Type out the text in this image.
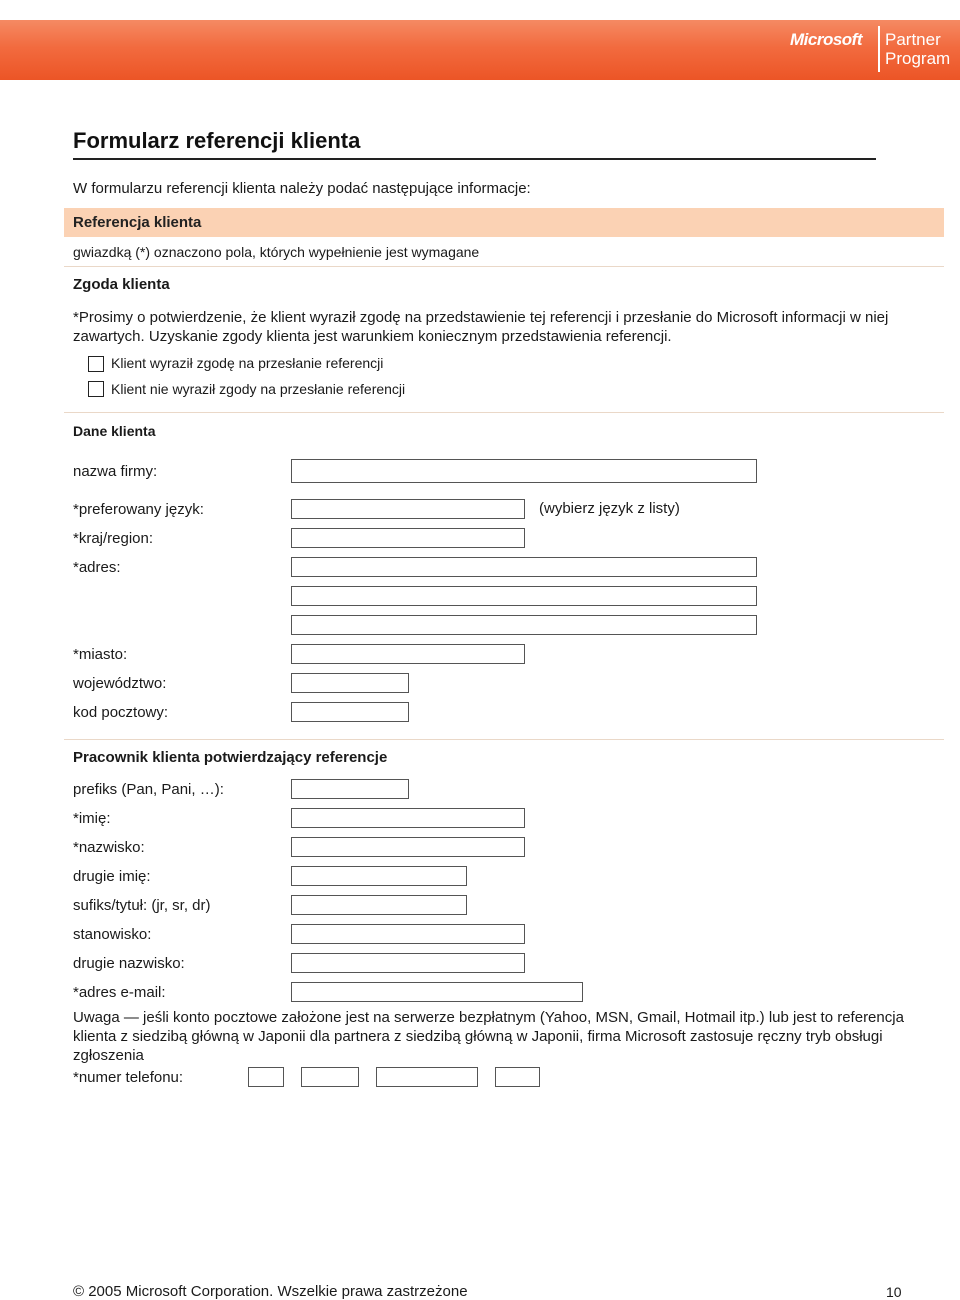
Microsoft Partner
Program
Formularz referencji klienta
W formularzu referencji klienta należy podać następujące informacje:
Referencja klienta
gwiazdką (*) oznaczono pola, których wypełnienie jest wymagane
Zgoda klienta
*Prosimy o potwierdzenie, że klient wyraził zgodę na przedstawienie tej referencji i przesłanie do Microsoft informacji w niej zawartych. Uzyskanie zgody klienta jest warunkiem koniecznym przedstawienia referencji.
Klient wyraził zgodę na przesłanie referencji
Klient nie wyraził zgody na przesłanie referencji
Dane klienta
nazwa firmy:
*preferowany język:	(wybierz język z listy)
*kraj/region:
*adres:
*miasto:
województwo:
kod pocztowy:
Pracownik klienta potwierdzający referencje
prefiks (Pan, Pani, …):
*imię:
*nazwisko:
drugie imię:
sufiks/tytuł: (jr, sr, dr)
stanowisko:
drugie nazwisko:
*adres e-mail:
Uwaga — jeśli konto pocztowe założone jest na serwerze bezpłatnym (Yahoo, MSN, Gmail, Hotmail itp.) lub jest to referencja klienta z siedzibą główną w Japonii dla partnera z siedzibą główną w Japonii, firma Microsoft zastosuje ręczny tryb obsługi zgłoszenia
*numer telefonu:
© 2005 Microsoft Corporation. Wszelkie prawa zastrzeżone	10
